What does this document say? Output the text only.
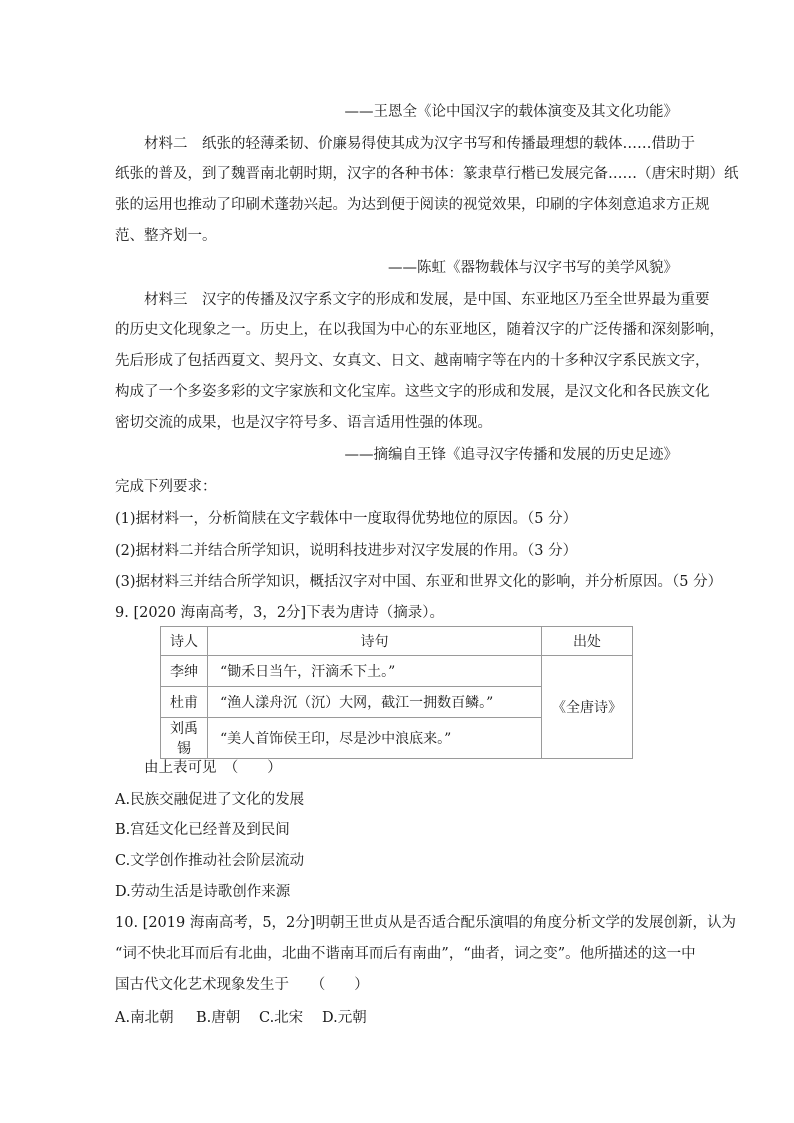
——王恩全《论中国汉字的载体演变及其文化功能》
材料二　纸张的轻薄柔韧、价廉易得使其成为汉字书写和传播最理想的载体……借助于
纸张的普及，到了魏晋南北朝时期，汉字的各种书体：篆隶草行楷已发展完备……（唐宋时期）纸
张的运用也推动了印刷术蓬勃兴起。为达到便于阅读的视觉效果，印刷的字体刻意追求方正规
范、整齐划一。
——陈虹《器物载体与汉字书写的美学风貌》
材料三　汉字的传播及汉字系文字的形成和发展，是中国、东亚地区乃至全世界最为重要
的历史文化现象之一。历史上，在以我国为中心的东亚地区，随着汉字的广泛传播和深刻影响，
先后形成了包括西夏文、契丹文、女真文、日文、越南喃字等在内的十多种汉字系民族文字，
构成了一个多姿多彩的文字家族和文化宝库。这些文字的形成和发展，是汉文化和各民族文化
密切交流的成果，也是汉字符号多、语言适用性强的体现。
——摘编自王锋《追寻汉字传播和发展的历史足迹》
完成下列要求：
(1)据材料一，分析简牍在文字载体中一度取得优势地位的原因。（5 分）
(2)据材料二并结合所学知识，说明科技进步对汉字发展的作用。（3 分）
(3)据材料三并结合所学知识，概括汉字对中国、东亚和世界文化的影响，并分析原因。（5 分）
9. [2020 海南高考，3，2分]下表为唐诗（摘录）。
诗人	诗句	出处
李绅	“锄禾日当午，汗滴禾下土。”	《全唐诗》
杜甫	“渔人漾舟沉（沉）大网，截江一拥数百鳞。”	
刘禹锡	“美人首饰侯王印，尽是沙中浪底来。”	
由上表可见　（　　）
A.民族交融促进了文化的发展
B.宫廷文化已经普及到民间
C.文学创作推动社会阶层流动
D.劳动生活是诗歌创作来源
10. [2019 海南高考，5，2分]明朝王世贞从是否适合配乐演唱的角度分析文学的发展创新，认为
“词不快北耳而后有北曲，北曲不谐南耳而后有南曲”，“曲者，词之变”。他所描述的这一中
国古代文化艺术现象发生于　　（　　）
A.南北朝 B.唐朝 C.北宋 D.元朝
